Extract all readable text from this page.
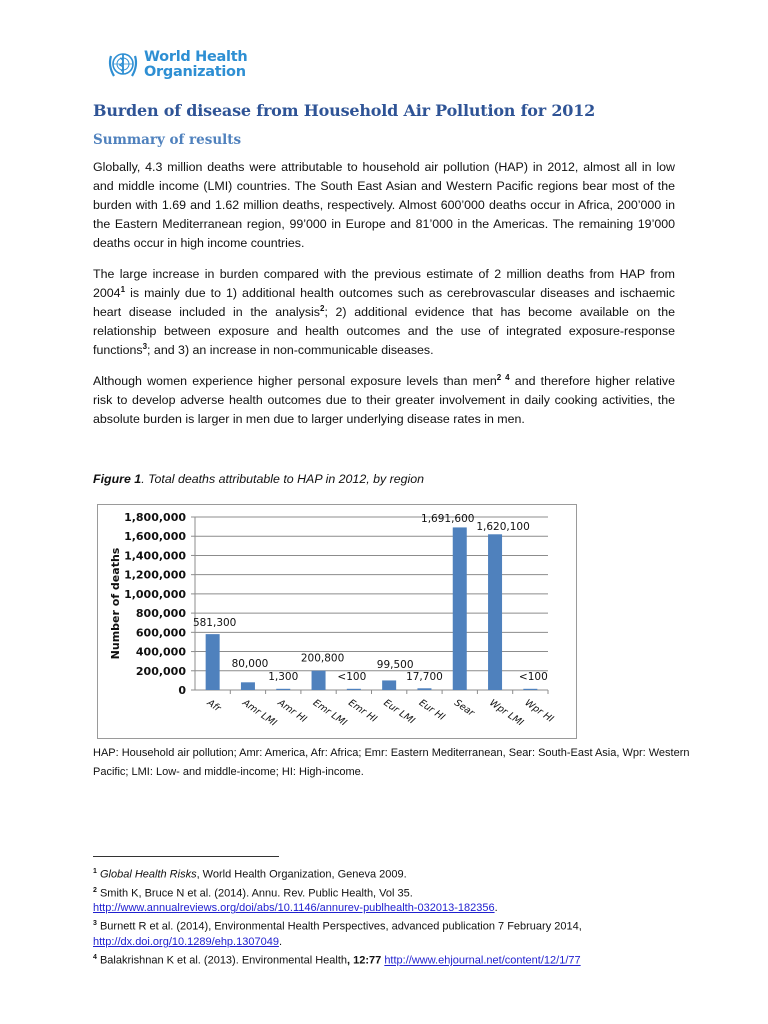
World Health
Organization
Burden of disease from Household Air Pollution for 2012
Summary of results
Globally, 4.3 million deaths were attributable to household air pollution (HAP) in 2012, almost all in low and middle income (LMI) countries. The South East Asian and Western Pacific regions bear most of the burden with 1.69 and 1.62 million deaths, respectively. Almost 600’000 deaths occur in Africa, 200’000 in the Eastern Mediterranean region, 99’000 in Europe and 81’000 in the Americas. The remaining 19’000 deaths occur in high income countries.
The large increase in burden compared with the previous estimate of 2 million deaths from HAP from 2004$^1$ is mainly due to 1) additional health outcomes such as cerebrovascular diseases and ischaemic heart disease included in the analysis$^2$; 2) additional evidence that has become available on the relationship between exposure and health outcomes and the use of integrated exposure-response functions$^3$; and 3) an increase in non-communicable diseases.
Although women experience higher personal exposure levels than men$^{2 4}$ and therefore higher relative risk to develop adverse health outcomes due to their greater involvement in daily cooking activities, the absolute burden is larger in men due to larger underlying disease rates in men.
Figure 1. Total deaths attributable to HAP in 2012, by region
0
200,000
400,000
600,000
800,000
1,000,000
1,200,000
1,400,000
1,600,000
1,800,000
Number of deaths	581,300
Afr
80,000
Amr LMI
1,300
Amr HI
200,800
Emr LMI
<100
Emr HI
99,500
Eur LMI
17,700
Eur HI
1,691,600
Sear
1,620,100
Wpr LMI
<100
Wpr HI
HAP: Household air pollution; Amr: America, Afr: Africa; Emr: Eastern Mediterranean, Sear: South-East Asia, Wpr: Western Pacific; LMI: Low- and middle-income; HI: High-income.
$^1$ Global Health Risks, World Health Organization, Geneva 2009.
$^2$ Smith K, Bruce N et al. (2014). Annu. Rev. Public Health, Vol 35.
http://www.annualreviews.org/doi/abs/10.1146/annurev-publhealth-032013-182356.
$^3$ Burnett R et al. (2014), Environmental Health Perspectives, advanced publication 7 February 2014,
http://dx.doi.org/10.1289/ehp.1307049.
$^4$ Balakrishnan K et al. (2013). Environmental Health, 12:77 http://www.ehjournal.net/content/12/1/77
